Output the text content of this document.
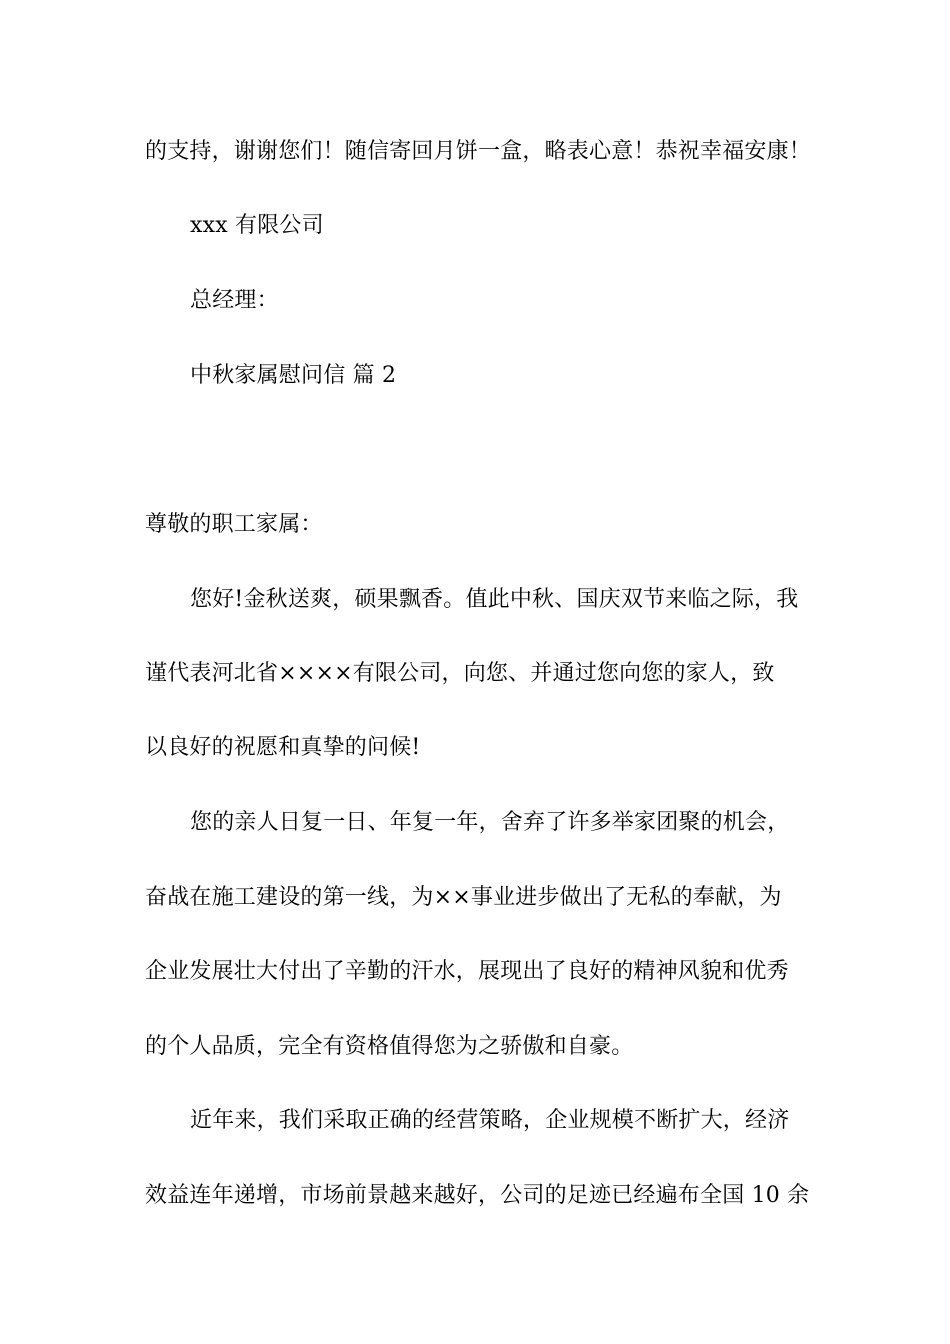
的支持，谢谢您们！随信寄回月饼一盒，略表心意！恭祝幸福安康！
xxx 有限公司
总经理：
中秋家属慰问信 篇 2
尊敬的职工家属：
您好!金秋送爽，硕果飘香。值此中秋、国庆双节来临之际，我
谨代表河北省××××有限公司，向您、并通过您向您的家人，致
以良好的祝愿和真挚的问候!
您的亲人日复一日、年复一年，舍弃了许多举家团聚的机会，
奋战在施工建设的第一线，为××事业进步做出了无私的奉献，为
企业发展壮大付出了辛勤的汗水，展现出了良好的精神风貌和优秀
的个人品质，完全有资格值得您为之骄傲和自豪。
近年来，我们采取正确的经营策略，企业规模不断扩大，经济
效益连年递增，市场前景越来越好，公司的足迹已经遍布全国 10 余
